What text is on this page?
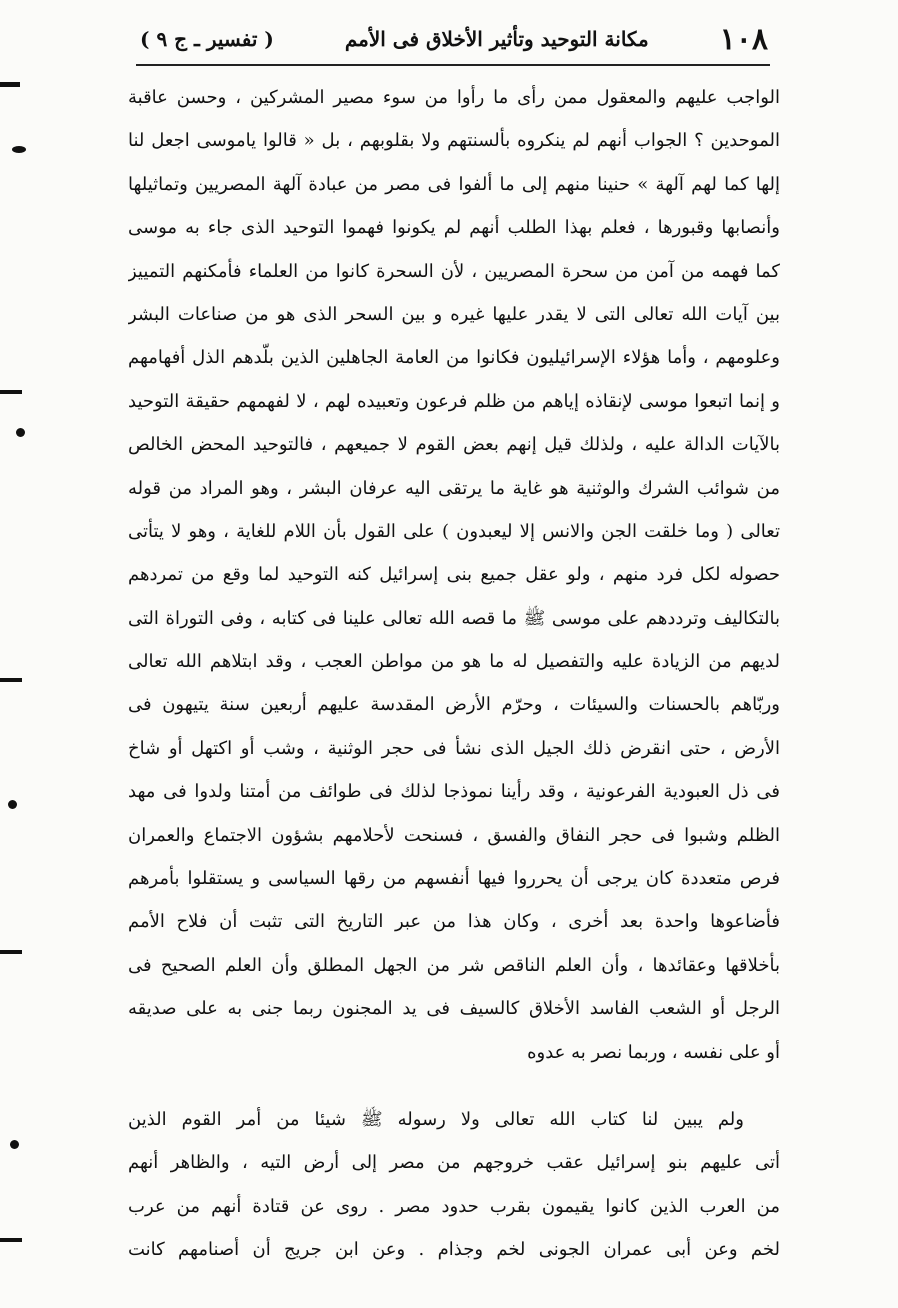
١٠٨
مكانة التوحيد وتأثير الأخلاق فى الأمم
( تفسير ـ ج ٩ )
الواجب عليهم والمعقول ممن رأى ما رأوا من سوء مصير المشركين ، وحسن عاقبة
الموحدين ؟ الجواب أنهم لم ينكروه بألسنتهم ولا بقلوبهم ، بل « قالوا ياموسى اجعل لنا
إلها كما لهم آلهة » حنينا منهم إلى ما ألفوا فى مصر من عبادة آلهة المصريين وتماثيلها
وأنصابها وقبورها ، فعلم بهذا الطلب أنهم لم يكونوا فهموا التوحيد الذى جاء به موسى
كما فهمه من آمن من سحرة المصريين ، لأن السحرة كانوا من العلماء فأمكنهم التمييز
بين آيات الله تعالى التى لا يقدر عليها غيره و بين السحر الذى هو من صناعات البشر
وعلومهم ، وأما هؤلاء الإسرائيليون فكانوا من العامة الجاهلين الذين بلّدهم الذل أفهامهم
و إنما اتبعوا موسى لإنقاذه إياهم من ظلم فرعون وتعبيده لهم ، لا لفهمهم حقيقة التوحيد
بالآيات الدالة عليه ، ولذلك قيل إنهم بعض القوم لا جميعهم ، فالتوحيد المحض الخالص
من شوائب الشرك والوثنية هو غاية ما يرتقى اليه عرفان البشر ، وهو المراد من قوله
تعالى ( وما خلقت الجن والانس إلا ليعبدون ) على القول بأن اللام للغاية ، وهو لا يتأتى
حصوله لكل فرد منهم ، ولو عقل جميع بنى إسرائيل كنه التوحيد لما وقع من تمردهم
بالتكاليف وترددهم على موسى ﷺ ما قصه الله تعالى علينا فى كتابه ، وفى التوراة التى
لديهم من الزيادة عليه والتفصيل له ما هو من مواطن العجب ، وقد ابتلاهم الله تعالى
وربّاهم بالحسنات والسيئات ، وحرّم الأرض المقدسة عليهم أربعين سنة يتيهون فى
الأرض ، حتى انقرض ذلك الجيل الذى نشأ فى حجر الوثنية ، وشب أو اكتهل أو شاخ
فى ذل العبودية الفرعونية ، وقد رأينا نموذجا لذلك فى طوائف من أمتنا ولدوا فى مهد
الظلم وشبوا فى حجر النفاق والفسق ، فسنحت لأحلامهم بشؤون الاجتماع والعمران
فرص متعددة كان يرجى أن يحرروا فيها أنفسهم من رقها السياسى و يستقلوا بأمرهم
فأضاعوها واحدة بعد أخرى ، وكان هذا من عبر التاريخ التى تثبت أن فلاح الأمم
بأخلاقها وعقائدها ، وأن العلم الناقص شر من الجهل المطلق وأن العلم الصحيح فى
الرجل أو الشعب الفاسد الأخلاق كالسيف فى يد المجنون ربما جنى به على صديقه
أو على نفسه ، وربما نصر به عدوه
ولم يبين لنا كتاب الله تعالى ولا رسوله ﷺ شيئا من أمر القوم الذين
أتى عليهم بنو إسرائيل عقب خروجهم من مصر إلى أرض التيه ، والظاهر أنهم
من العرب الذين كانوا يقيمون بقرب حدود مصر . روى عن قتادة أنهم من عرب
لخم وعن أبى عمران الجونى لخم وجذام . وعن ابن جريج أن أصنامهم كانت
